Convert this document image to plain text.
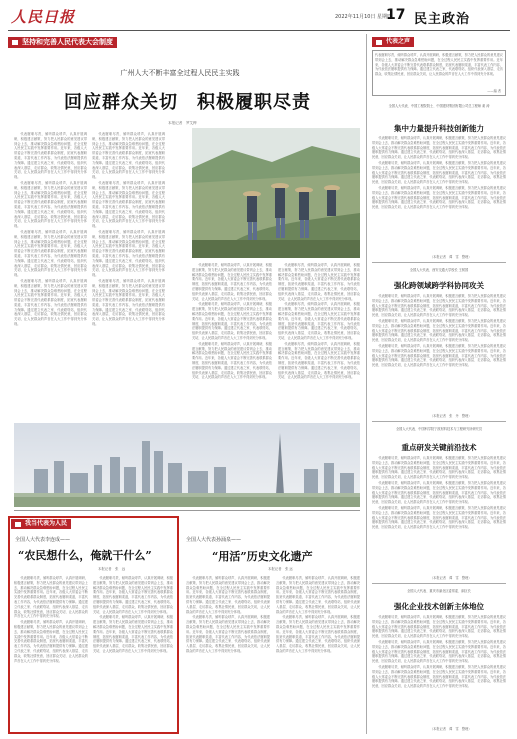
人民日报	2022年11月10日 星期四
17 民主政治
坚持和完善人民代表大会制度
广州人大不断丰富全过程人民民主实践
回应群众关切　积极履职尽责
本报记者　罗艾桦

代表履职尽责，倾听群众呼声，认真开展调研，积极建言献策，努力把人民群众的意见建议带到会上去，推动解决群众急难愁盼问题，在全过程人民民主实践中发挥重要作用。近年来，各级人大常委会不断完善代表联系群众制度，拓宽代表履职渠道，丰富代表工作内容，为代表依法履职提供有力保障。通过建立代表之家、代表联络站，组织代表深入基层、走访群众，收集社情民意，回应群众关切，让人民群众的声音在人大工作中得到充分体现。

代表履职尽责，倾听群众呼声，认真开展调研，积极建言献策，努力把人民群众的意见建议带到会上去，推动解决群众急难愁盼问题，在全过程人民民主实践中发挥重要作用。近年来，各级人大常委会不断完善代表联系群众制度，拓宽代表履职渠道，丰富代表工作内容，为代表依法履职提供有力保障。通过建立代表之家、代表联络站，组织代表深入基层、走访群众，收集社情民意，回应群众关切，让人民群众的声音在人大工作中得到充分体现。

代表履职尽责，倾听群众呼声，认真开展调研，积极建言献策，努力把人民群众的意见建议带到会上去，推动解决群众急难愁盼问题，在全过程人民民主实践中发挥重要作用。近年来，各级人大常委会不断完善代表联系群众制度，拓宽代表履职渠道，丰富代表工作内容，为代表依法履职提供有力保障。通过建立代表之家、代表联络站，组织代表深入基层、走访群众，收集社情民意，回应群众关切，让人民群众的声音在人大工作中得到充分体现。

代表履职尽责，倾听群众呼声，认真开展调研，积极建言献策，努力把人民群众的意见建议带到会上去，推动解决群众急难愁盼问题，在全过程人民民主实践中发挥重要作用。近年来，各级人大常委会不断完善代表联系群众制度，拓宽代表履职渠道，丰富代表工作内容，为代表依法履职提供有力保障。通过建立代表之家、代表联络站，组织代表深入基层、走访群众，收集社情民意，回应群众关切，让人民群众的声音在人大工作中得到充分体现。

代表履职尽责，倾听群众呼声，认真开展调研，积极建言献策，努力把人民群众的意见建议带到会上去，推动解决群众急难愁盼问题，在全过程人民民主实践中发挥重要作用。近年来，各级人大常委会不断完善代表联系群众制度，拓宽代表履职渠道，丰富代表工作内容，为代表依法履职提供有力保障。通过建立代表之家、代表联络站，组织代表深入基层、走访群众，收集社情民意，回应群众关切，让人民群众的声音在人大工作中得到充分体现。

代表履职尽责，倾听群众呼声，认真开展调研，积极建言献策，努力把人民群众的意见建议带到会上去，推动解决群众急难愁盼问题，在全过程人民民主实践中发挥重要作用。近年来，各级人大常委会不断完善代表联系群众制度，拓宽代表履职渠道，丰富代表工作内容，为代表依法履职提供有力保障。通过建立代表之家、代表联络站，组织代表深入基层、走访群众，收集社情民意，回应群众关切，让人民群众的声音在人大工作中得到充分体现。

代表履职尽责，倾听群众呼声，认真开展调研，积极建言献策，努力把人民群众的意见建议带到会上去，推动解决群众急难愁盼问题，在全过程人民民主实践中发挥重要作用。近年来，各级人大常委会不断完善代表联系群众制度，拓宽代表履职渠道，丰富代表工作内容，为代表依法履职提供有力保障。通过建立代表之家、代表联络站，组织代表深入基层、走访群众，收集社情民意，回应群众关切，让人民群众的声音在人大工作中得到充分体现。

代表履职尽责，倾听群众呼声，认真开展调研，积极建言献策，努力把人民群众的意见建议带到会上去，推动解决群众急难愁盼问题，在全过程人民民主实践中发挥重要作用。近年来，各级人大常委会不断完善代表联系群众制度，拓宽代表履职渠道，丰富代表工作内容，为代表依法履职提供有力保障。通过建立代表之家、代表联络站，组织代表深入基层、走访群众，收集社情民意，回应群众关切，让人民群众的声音在人大工作中得到充分体现。

代表履职尽责，倾听群众呼声，认真开展调研，积极建言献策，努力把人民群众的意见建议带到会上去，推动解决群众急难愁盼问题，在全过程人民民主实践中发挥重要作用。近年来，各级人大常委会不断完善代表联系群众制度，拓宽代表履职渠道，丰富代表工作内容，为代表依法履职提供有力保障。通过建立代表之家、代表联络站，组织代表深入基层、走访群众，收集社情民意，回应群众关切，让人民群众的声音在人大工作中得到充分体现。

代表履职尽责，倾听群众呼声，认真开展调研，积极建言献策，努力把人民群众的意见建议带到会上去，推动解决群众急难愁盼问题，在全过程人民民主实践中发挥重要作用。近年来，各级人大常委会不断完善代表联系群众制度，拓宽代表履职渠道，丰富代表工作内容，为代表依法履职提供有力保障。通过建立代表之家、代表联络站，组织代表深入基层、走访群众，收集社情民意，回应群众关切，让人民群众的声音在人大工作中得到充分体现。

代表履职尽责，倾听群众呼声，认真开展调研，积极建言献策，努力把人民群众的意见建议带到会上去，推动解决群众急难愁盼问题，在全过程人民民主实践中发挥重要作用。近年来，各级人大常委会不断完善代表联系群众制度，拓宽代表履职渠道，丰富代表工作内容，为代表依法履职提供有力保障。通过建立代表之家、代表联络站，组织代表深入基层、走访群众，收集社情民意，回应群众关切，让人民群众的声音在人大工作中得到充分体现。

代表履职尽责，倾听群众呼声，认真开展调研，积极建言献策，努力把人民群众的意见建议带到会上去，推动解决群众急难愁盼问题，在全过程人民民主实践中发挥重要作用。近年来，各级人大常委会不断完善代表联系群众制度，拓宽代表履职渠道，丰富代表工作内容，为代表依法履职提供有力保障。通过建立代表之家、代表联络站，组织代表深入基层、走访群众，收集社情民意，回应群众关切，让人民群众的声音在人大工作中得到充分体现。

代表履职尽责，倾听群众呼声，认真开展调研，积极建言献策，努力把人民群众的意见建议带到会上去，推动解决群众急难愁盼问题，在全过程人民民主实践中发挥重要作用。近年来，各级人大常委会不断完善代表联系群众制度，拓宽代表履职渠道，丰富代表工作内容，为代表依法履职提供有力保障。通过建立代表之家、代表联络站，组织代表深入基层、走访群众，收集社情民意，回应群众关切，让人民群众的声音在人大工作中得到充分体现。

代表履职尽责，倾听群众呼声，认真开展调研，积极建言献策，努力把人民群众的意见建议带到会上去，推动解决群众急难愁盼问题，在全过程人民民主实践中发挥重要作用。近年来，各级人大常委会不断完善代表联系群众制度，拓宽代表履职渠道，丰富代表工作内容，为代表依法履职提供有力保障。通过建立代表之家、代表联络站，组织代表深入基层、走访群众，收集社情民意，回应群众关切，让人民群众的声音在人大工作中得到充分体现。

我当代表为人民
全国人大代表李连成——
“农民想什么，俺就干什么”
本报记者　张　远

代表履职尽责，倾听群众呼声，认真开展调研，积极建言献策，努力把人民群众的意见建议带到会上去，推动解决群众急难愁盼问题，在全过程人民民主实践中发挥重要作用。近年来，各级人大常委会不断完善代表联系群众制度，拓宽代表履职渠道，丰富代表工作内容，为代表依法履职提供有力保障。通过建立代表之家、代表联络站，组织代表深入基层、走访群众，收集社情民意，回应群众关切，让人民群众的声音在人大工作中得到充分体现。

代表履职尽责，倾听群众呼声，认真开展调研，积极建言献策，努力把人民群众的意见建议带到会上去，推动解决群众急难愁盼问题，在全过程人民民主实践中发挥重要作用。近年来，各级人大常委会不断完善代表联系群众制度，拓宽代表履职渠道，丰富代表工作内容，为代表依法履职提供有力保障。通过建立代表之家、代表联络站，组织代表深入基层、走访群众，收集社情民意，回应群众关切，让人民群众的声音在人大工作中得到充分体现。

代表履职尽责，倾听群众呼声，认真开展调研，积极建言献策，努力把人民群众的意见建议带到会上去，推动解决群众急难愁盼问题，在全过程人民民主实践中发挥重要作用。近年来，各级人大常委会不断完善代表联系群众制度，拓宽代表履职渠道，丰富代表工作内容，为代表依法履职提供有力保障。通过建立代表之家、代表联络站，组织代表深入基层、走访群众，收集社情民意，回应群众关切，让人民群众的声音在人大工作中得到充分体现。

代表履职尽责，倾听群众呼声，认真开展调研，积极建言献策，努力把人民群众的意见建议带到会上去，推动解决群众急难愁盼问题，在全过程人民民主实践中发挥重要作用。近年来，各级人大常委会不断完善代表联系群众制度，拓宽代表履职渠道，丰富代表工作内容，为代表依法履职提供有力保障。通过建立代表之家、代表联络站，组织代表深入基层、走访群众，收集社情民意，回应群众关切，让人民群众的声音在人大工作中得到充分体现。

全国人大代表孙涌泉——
“用活”历史文化遗产
本报记者　张 远

代表履职尽责，倾听群众呼声，认真开展调研，积极建言献策，努力把人民群众的意见建议带到会上去，推动解决群众急难愁盼问题，在全过程人民民主实践中发挥重要作用。近年来，各级人大常委会不断完善代表联系群众制度，拓宽代表履职渠道，丰富代表工作内容，为代表依法履职提供有力保障。通过建立代表之家、代表联络站，组织代表深入基层、走访群众，收集社情民意，回应群众关切，让人民群众的声音在人大工作中得到充分体现。

代表履职尽责，倾听群众呼声，认真开展调研，积极建言献策，努力把人民群众的意见建议带到会上去，推动解决群众急难愁盼问题，在全过程人民民主实践中发挥重要作用。近年来，各级人大常委会不断完善代表联系群众制度，拓宽代表履职渠道，丰富代表工作内容，为代表依法履职提供有力保障。通过建立代表之家、代表联络站，组织代表深入基层、走访群众，收集社情民意，回应群众关切，让人民群众的声音在人大工作中得到充分体现。

代表履职尽责，倾听群众呼声，认真开展调研，积极建言献策，努力把人民群众的意见建议带到会上去，推动解决群众急难愁盼问题，在全过程人民民主实践中发挥重要作用。近年来，各级人大常委会不断完善代表联系群众制度，拓宽代表履职渠道，丰富代表工作内容，为代表依法履职提供有力保障。通过建立代表之家、代表联络站，组织代表深入基层、走访群众，收集社情民意，回应群众关切，让人民群众的声音在人大工作中得到充分体现。

代表履职尽责，倾听群众呼声，认真开展调研，积极建言献策，努力把人民群众的意见建议带到会上去，推动解决群众急难愁盼问题，在全过程人民民主实践中发挥重要作用。近年来，各级人大常委会不断完善代表联系群众制度，拓宽代表履职渠道，丰富代表工作内容，为代表依法履职提供有力保障。通过建立代表之家、代表联络站，组织代表深入基层、走访群众，收集社情民意，回应群众关切，让人民群众的声音在人大工作中得到充分体现。

代表之声
代表履职尽责，倾听群众呼声，认真开展调研，积极建言献策，努力把人民群众的意见建议带到会上去，推动解决群众急难愁盼问题，在全过程人民民主实践中发挥重要作用。近年来，各级人大常委会不断完善代表联系群众制度，拓宽代表履职渠道，丰富代表工作内容，为代表依法履职提供有力保障。通过建立代表之家、代表联络站，组织代表深入基层、走访群众，收集社情民意，回应群众关切，让人民群众的声音在人大工作中得到充分体现。
——编 者
全国人大代表、中国工程院院士、中国建材集团有限公司总工程师 姜 涛
集中力量提升科技创新能力

代表履职尽责，倾听群众呼声，认真开展调研，积极建言献策，努力把人民群众的意见建议带到会上去，推动解决群众急难愁盼问题，在全过程人民民主实践中发挥重要作用。近年来，各级人大常委会不断完善代表联系群众制度，拓宽代表履职渠道，丰富代表工作内容，为代表依法履职提供有力保障。通过建立代表之家、代表联络站，组织代表深入基层、走访群众，收集社情民意，回应群众关切，让人民群众的声音在人大工作中得到充分体现。

代表履职尽责，倾听群众呼声，认真开展调研，积极建言献策，努力把人民群众的意见建议带到会上去，推动解决群众急难愁盼问题，在全过程人民民主实践中发挥重要作用。近年来，各级人大常委会不断完善代表联系群众制度，拓宽代表履职渠道，丰富代表工作内容，为代表依法履职提供有力保障。通过建立代表之家、代表联络站，组织代表深入基层、走访群众，收集社情民意，回应群众关切，让人民群众的声音在人大工作中得到充分体现。

代表履职尽责，倾听群众呼声，认真开展调研，积极建言献策，努力把人民群众的意见建议带到会上去，推动解决群众急难愁盼问题，在全过程人民民主实践中发挥重要作用。近年来，各级人大常委会不断完善代表联系群众制度，拓宽代表履职渠道，丰富代表工作内容，为代表依法履职提供有力保障。通过建立代表之家、代表联络站，组织代表深入基层、走访群众，收集社情民意，回应群众关切，让人民群众的声音在人大工作中得到充分体现。

（本报记者　谭　雪　整理）
全国人大代表、西安交通大学校长 王树国
强化跨领域跨学科协同攻关

代表履职尽责，倾听群众呼声，认真开展调研，积极建言献策，努力把人民群众的意见建议带到会上去，推动解决群众急难愁盼问题，在全过程人民民主实践中发挥重要作用。近年来，各级人大常委会不断完善代表联系群众制度，拓宽代表履职渠道，丰富代表工作内容，为代表依法履职提供有力保障。通过建立代表之家、代表联络站，组织代表深入基层、走访群众，收集社情民意，回应群众关切，让人民群众的声音在人大工作中得到充分体现。

代表履职尽责，倾听群众呼声，认真开展调研，积极建言献策，努力把人民群众的意见建议带到会上去，推动解决群众急难愁盼问题，在全过程人民民主实践中发挥重要作用。近年来，各级人大常委会不断完善代表联系群众制度，拓宽代表履职渠道，丰富代表工作内容，为代表依法履职提供有力保障。通过建立代表之家、代表联络站，组织代表深入基层、走访群众，收集社情民意，回应群众关切，让人民群众的声音在人大工作中得到充分体现。

代表履职尽责，倾听群众呼声，认真开展调研，积极建言献策，努力把人民群众的意见建议带到会上去，推动解决群众急难愁盼问题，在全过程人民民主实践中发挥重要作用。近年来，各级人大常委会不断完善代表联系群众制度，拓宽代表履职渠道，丰富代表工作内容，为代表依法履职提供有力保障。通过建立代表之家、代表联络站，组织代表深入基层、走访群众，收集社情民意，回应群众关切，让人民群众的声音在人大工作中得到充分体现。

（本报记者　张　丹　整理）
全国人大代表、中国科学院宁波材料技术与工程研究所研究员
重点研发关键前沿技术

代表履职尽责，倾听群众呼声，认真开展调研，积极建言献策，努力把人民群众的意见建议带到会上去，推动解决群众急难愁盼问题，在全过程人民民主实践中发挥重要作用。近年来，各级人大常委会不断完善代表联系群众制度，拓宽代表履职渠道，丰富代表工作内容，为代表依法履职提供有力保障。通过建立代表之家、代表联络站，组织代表深入基层、走访群众，收集社情民意，回应群众关切，让人民群众的声音在人大工作中得到充分体现。

代表履职尽责，倾听群众呼声，认真开展调研，积极建言献策，努力把人民群众的意见建议带到会上去，推动解决群众急难愁盼问题，在全过程人民民主实践中发挥重要作用。近年来，各级人大常委会不断完善代表联系群众制度，拓宽代表履职渠道，丰富代表工作内容，为代表依法履职提供有力保障。通过建立代表之家、代表联络站，组织代表深入基层、走访群众，收集社情民意，回应群众关切，让人民群众的声音在人大工作中得到充分体现。

代表履职尽责，倾听群众呼声，认真开展调研，积极建言献策，努力把人民群众的意见建议带到会上去，推动解决群众急难愁盼问题，在全过程人民民主实践中发挥重要作用。近年来，各级人大常委会不断完善代表联系群众制度，拓宽代表履职渠道，丰富代表工作内容，为代表依法履职提供有力保障。通过建立代表之家、代表联络站，组织代表深入基层、走访群众，收集社情民意，回应群众关切，让人民群众的声音在人大工作中得到充分体现。

（本报记者　谭　雪　整理）
全国人大代表、重庆市渝北区委常委、副区长
强化企业技术创新主体地位

代表履职尽责，倾听群众呼声，认真开展调研，积极建言献策，努力把人民群众的意见建议带到会上去，推动解决群众急难愁盼问题，在全过程人民民主实践中发挥重要作用。近年来，各级人大常委会不断完善代表联系群众制度，拓宽代表履职渠道，丰富代表工作内容，为代表依法履职提供有力保障。通过建立代表之家、代表联络站，组织代表深入基层、走访群众，收集社情民意，回应群众关切，让人民群众的声音在人大工作中得到充分体现。

代表履职尽责，倾听群众呼声，认真开展调研，积极建言献策，努力把人民群众的意见建议带到会上去，推动解决群众急难愁盼问题，在全过程人民民主实践中发挥重要作用。近年来，各级人大常委会不断完善代表联系群众制度，拓宽代表履职渠道，丰富代表工作内容，为代表依法履职提供有力保障。通过建立代表之家、代表联络站，组织代表深入基层、走访群众，收集社情民意，回应群众关切，让人民群众的声音在人大工作中得到充分体现。

代表履职尽责，倾听群众呼声，认真开展调研，积极建言献策，努力把人民群众的意见建议带到会上去，推动解决群众急难愁盼问题，在全过程人民民主实践中发挥重要作用。近年来，各级人大常委会不断完善代表联系群众制度，拓宽代表履职渠道，丰富代表工作内容，为代表依法履职提供有力保障。通过建立代表之家、代表联络站，组织代表深入基层、走访群众，收集社情民意，回应群众关切，让人民群众的声音在人大工作中得到充分体现。

（本报记者　谭　雪　整理）
